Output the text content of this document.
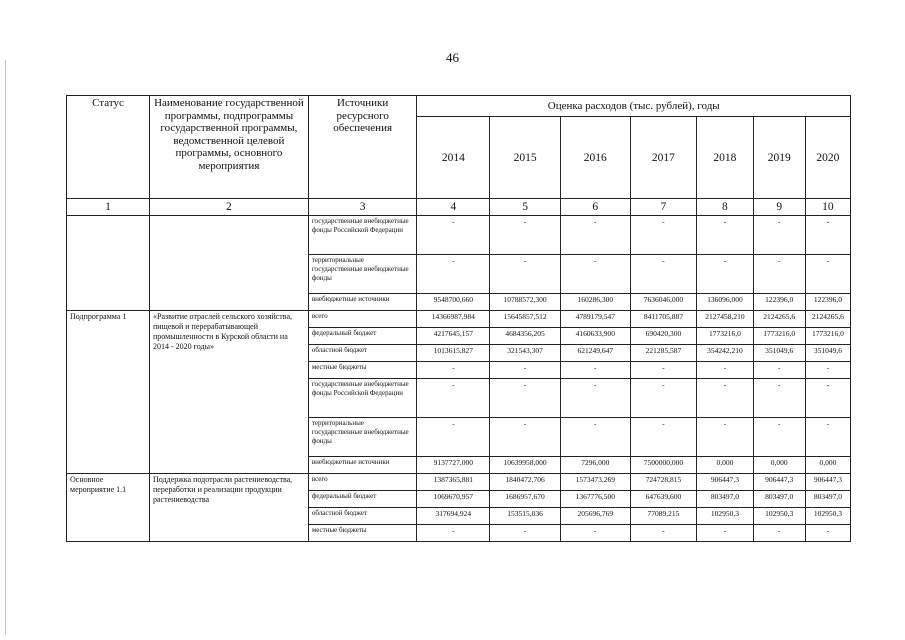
46
Статус	Наименование государственной программы, подпрограммы государственной программы, ведомственной целевой программы, основного мероприятия	Источники ресурсного обеспечения	Оценка расходов (тыс. рублей), годы						
			2014	2015	2016	2017	2018	2019	2020
1	2	3	4	5	6	7	8	9	10
		государственные внебюджетные фонды Российской Федерации	-	-	-	-	-	-	-
		территориальные государственные внебюджетные фонды	-	-	-	-	-	-	-
		внебюджетные источники	9548700,660	10788572,300	160286,300	7636046,000	136096,000	122396,0	122396,0
Подпрограмма 1	«Развитие отраслей сельского хозяйства, пищевой и перерабатывающей промышленности в Курской области на 2014 - 2020 годы»	всего	14366987,984	15645857,512	4789179,547	8411705,887	2127458,210	2124265,6	2124265,6
		федеральный бюджет	4217645,157	4684356,205	4160633,900	690420,300	1773216,0	1773216,0	1773216,0
		областной бюджет	1013615,827	321543,307	621249,647	221285,587	354242,210	351049,6	351049,6
		местные бюджеты	-	-	-	-	-	-	-
		государственные внебюджетные фонды Российской Федерации	-	-	-	-	-	-	-
		территориальные государственные внебюджетные фонды	-	-	-	-	-	-	-
		внебюджетные источники	9137727,000	10639958,000	7296,000	7500000,000	0,000	0,000	0,000
Основное мероприятие 1.1	Поддержка подотрасли растениеводства, переработки и реализации продукции растениеводства	всего	1387365,881	1840472,706	1573473,269	724728,815	906447,3	906447,3	906447,3
		федеральный бюджет	1069670,957	1686957,670	1367776,500	647639,600	803497,0	803497,0	803497,0
		областной бюджет	317694,924	153515,036	205696,769	77089,215	102950,3	102950,3	102950,3
		местные бюджеты	-	-	-	-	-	-	-
